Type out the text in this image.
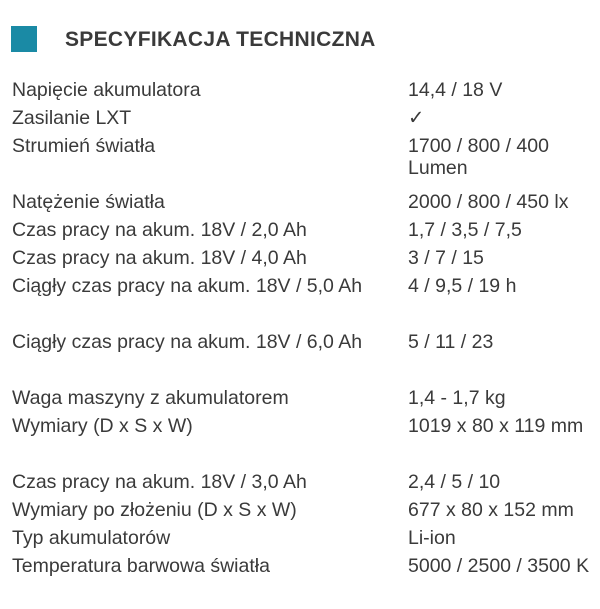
SPECYFIKACJA TECHNICZNA
Napięcie akumulatora	14,4 / 18 V
Zasilanie LXT	✓
Strumień światła	1700 / 800 / 400 Lumen
Natężenie światła	2000 / 800 / 450 lx
Czas pracy na akum. 18V / 2,0 Ah	1,7 / 3,5 / 7,5
Czas pracy na akum. 18V / 4,0 Ah	3 / 7 / 15
Ciągły czas pracy na akum. 18V / 5,0 Ah	4 / 9,5 / 19 h
Ciągły czas pracy na akum. 18V / 6,0 Ah	5 / 11 / 23
Waga maszyny z akumulatorem	1,4 - 1,7 kg
Wymiary (D x S x W)	1019 x 80 x 119 mm
Czas pracy na akum. 18V / 3,0 Ah	2,4 / 5 / 10
Wymiary po złożeniu (D x S x W)	677 x 80 x 152 mm
Typ akumulatorów	Li-ion
Temperatura barwowa światła	5000 / 2500 / 3500 K
